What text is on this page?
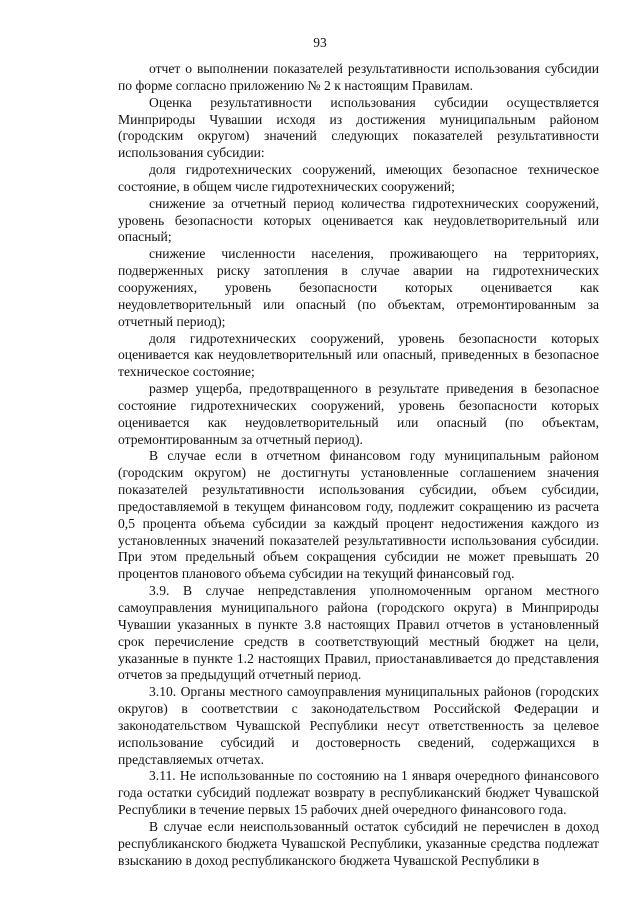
93

отчет о выполнении показателей результативности использования субсидии по форме согласно приложению № 2 к настоящим Правилам.

Оценка результативности использования субсидии осуществляется Минприроды Чувашии исходя из достижения муниципальным районом (городским округом) значений следующих показателей результативности использования субсидии:

доля гидротехнических сооружений, имеющих безопасное техническое состояние, в общем числе гидротехнических сооружений;

снижение за отчетный период количества гидротехнических сооружений, уровень безопасности которых оценивается как неудовлетворительный или опасный;

снижение численности населения, проживающего на территориях, подверженных риску затопления в случае аварии на гидротехнических сооружениях, уровень безопасности которых оценивается как неудовлетворительный или опасный (по объектам, отремонтированным за отчетный период);

доля гидротехнических сооружений, уровень безопасности которых оценивается как неудовлетворительный или опасный, приведенных в безопасное техническое состояние;

размер ущерба, предотвращенного в результате приведения в безопасное состояние гидротехнических сооружений, уровень безопасности которых оценивается как неудовлетворительный или опасный (по объектам, отремонтированным за отчетный период).

В случае если в отчетном финансовом году муниципальным районом (городским округом) не достигнуты установленные соглашением значения показателей результативности использования субсидии, объем субсидии, предоставляемой в текущем финансовом году, подлежит сокращению из расчета 0,5 процента объема субсидии за каждый процент недостижения каждого из установленных значений показателей результативности использования субсидии. При этом предельный объем сокращения субсидии не может превышать 20 процентов планового объема субсидии на текущий финансовый год.

3.9. В случае непредставления уполномоченным органом местного самоуправления муниципального района (городского округа) в Минприроды Чувашии указанных в пункте 3.8 настоящих Правил отчетов в установленный срок перечисление средств в соответствующий местный бюджет на цели, указанные в пункте 1.2 настоящих Правил, приостанавливается до представления отчетов за предыдущий отчетный период.

3.10. Органы местного самоуправления муниципальных районов (городских округов) в соответствии с законодательством Российской Федерации и законодательством Чувашской Республики несут ответственность за целевое использование субсидий и достоверность сведений, содержащихся в представляемых отчетах.

3.11. Не использованные по состоянию на 1 января очередного финансового года остатки субсидий подлежат возврату в республиканский бюджет Чувашской Республики в течение первых 15 рабочих дней очередного финансового года.

В случае если неиспользованный остаток субсидий не перечислен в доход республиканского бюджета Чувашской Республики, указанные средства подлежат взысканию в доход республиканского бюджета Чувашской Республики в
